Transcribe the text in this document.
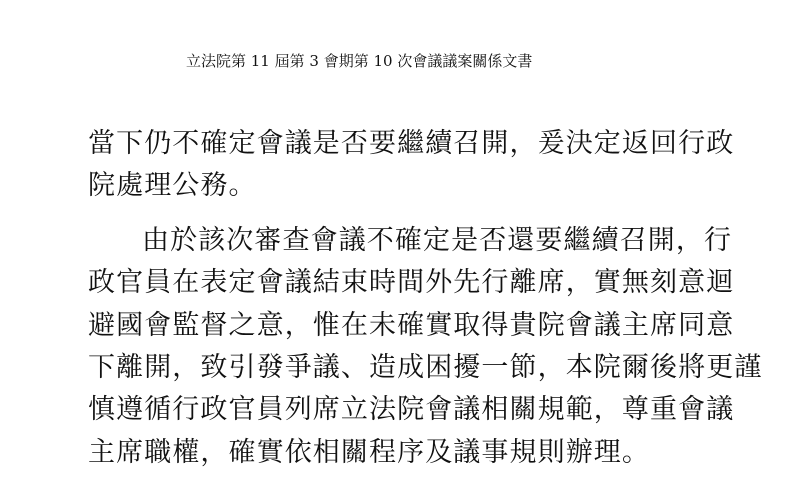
立法院第 11 屆第 3 會期第 10 次會議議案關係文書
當下仍不確定會議是否要繼續召開，爰決定返回行政
院處理公務。
由於該次審查會議不確定是否還要繼續召開，行
政官員在表定會議結束時間外先行離席，實無刻意迴
避國會監督之意，惟在未確實取得貴院會議主席同意
下離開，致引發爭議、造成困擾一節，本院爾後將更謹
慎遵循行政官員列席立法院會議相關規範，尊重會議
主席職權，確實依相關程序及議事規則辦理。
